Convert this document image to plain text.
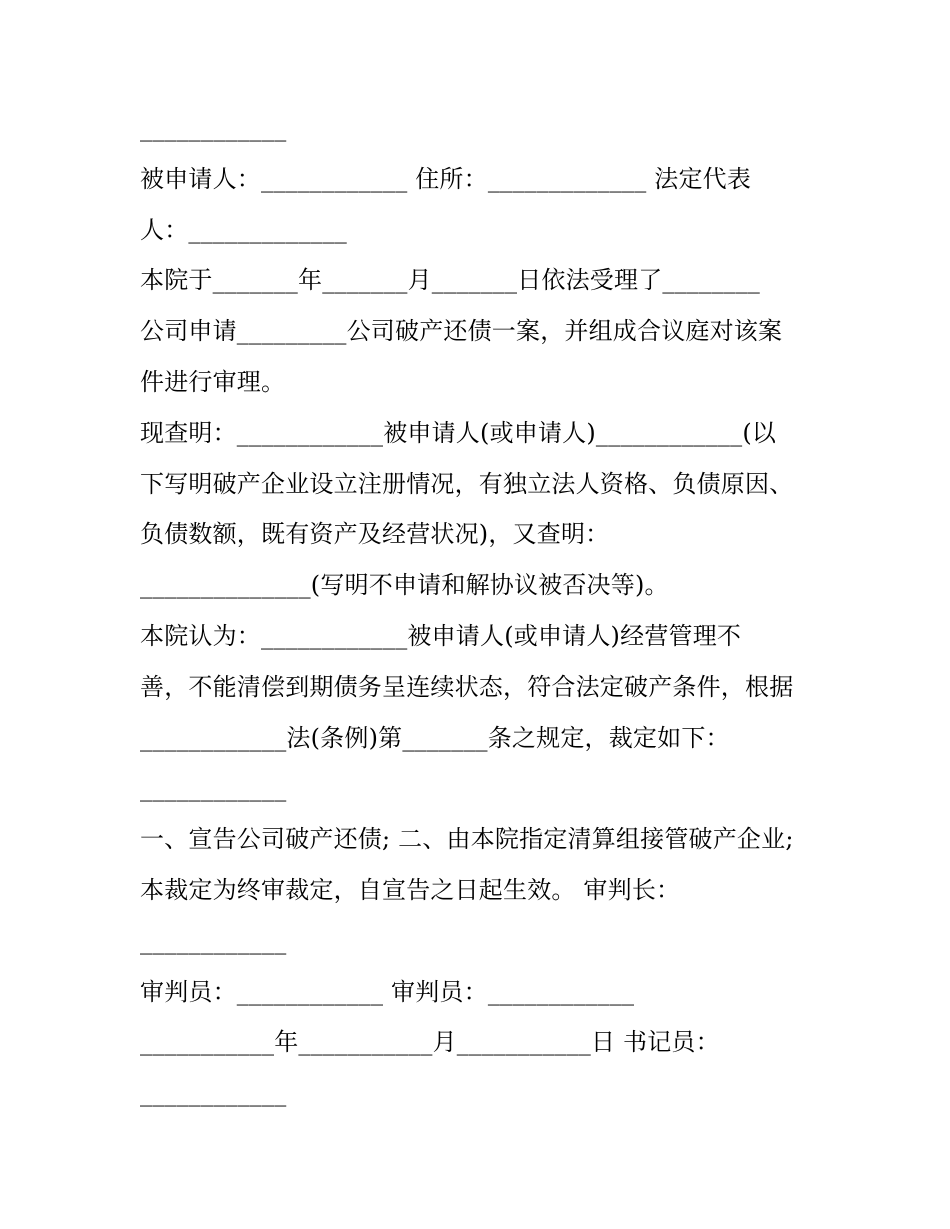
____________
被申请人：____________ 住所：_____________ 法定代表
人：_____________
本院于_______年_______月_______日依法受理了________
公司申请_________公司破产还债一案，并组成合议庭对该案
件进行审理。
现查明：____________被申请人(或申请人)____________(以
下写明破产企业设立注册情况，有独立法人资格、负债原因、
负债数额，既有资产及经营状况)，又查明：
______________(写明不申请和解协议被否决等)。
本院认为：____________被申请人(或申请人)经营管理不
善，不能清偿到期债务呈连续状态，符合法定破产条件，根据
____________法(条例)第_______条之规定，裁定如下：
____________
一、宣告公司破产还债; 二、由本院指定清算组接管破产企业;
本裁定为终审裁定，自宣告之日起生效。 审判长：
____________
审判员：____________ 审判员：____________
___________年___________月___________日 书记员：
____________
